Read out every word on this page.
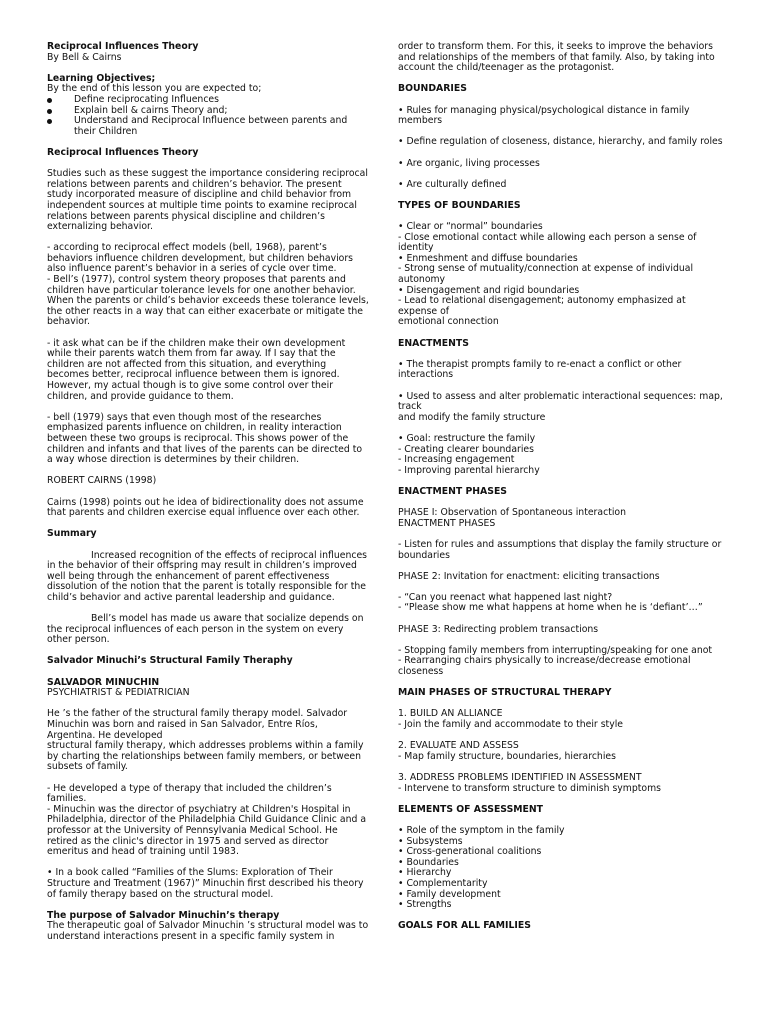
Reciprocal Influences Theory
By Bell & Cairns
Learning Objectives;
By the end of this lesson you are expected to;
Define reciprocating Influences
Explain bell & cairns Theory and;
Understand and Reciprocal Influence between parents and their Children
Reciprocal Influences Theory
Studies such as these suggest the importance considering reciprocal relations between parents and children’s behavior. The present study incorporated measure of discipline and child behavior from independent sources at multiple time points to examine reciprocal relations between parents physical discipline and children’s externalizing behavior.
- according to reciprocal effect models (bell, 1968), parent’s behaviors influence children development, but children behaviors also influence parent’s behavior in a series of cycle over time.
- Bell’s (1977), control system theory proposes that parents and children have particular tolerance levels for one another behavior. When the parents or child’s behavior exceeds these tolerance levels, the other reacts in a way that can either exacerbate or mitigate the behavior.
- it ask what can be if the children make their own development while their parents watch them from far away. If I say that the children are not affected from this situation, and everything becomes better, reciprocal influence between them is ignored. However, my actual though is to give some control over their children, and provide guidance to them.
- bell (1979) says that even though most of the researches emphasized parents influence on children, in reality interaction between these two groups is reciprocal. This shows power of the children and infants and that lives of the parents can be directed to a way whose direction is determines by their children.
ROBERT CAIRNS (1998)
Cairns (1998) points out he idea of bidirectionality does not assume that parents and children exercise equal influence over each other.
Summary
Increased recognition of the effects of reciprocal influences in the behavior of their offspring may result in children’s improved well being through the enhancement of parent effectiveness dissolution of the notion that the parent is totally responsible for the child’s behavior and active parental leadership and guidance.
Bell’s model has made us aware that socialize depends on the reciprocal influences of each person in the system on every other person.
Salvador Minuchi’s Structural Family Theraphy
SALVADOR MINUCHIN
PSYCHIATRIST & PEDIATRICIAN
He ’s the father of the structural family therapy model. Salvador Minuchin was born and raised in San Salvador, Entre Ríos, Argentina. He developed
structural family therapy, which addresses problems within a family by charting the relationships between family members, or between subsets of family.
- He developed a type of therapy that included the children’s families.
- Minuchin was the director of psychiatry at Children's Hospital in Philadelphia, director of the Philadelphia Child Guidance Clinic and a professor at the University of Pennsylvania Medical School. He retired as the clinic's director in 1975 and served as director emeritus and head of training until 1983.
• In a book called “Families of the Slums: Exploration of Their Structure and Treatment (1967)” Minuchin first described his theory of family therapy based on the structural model.
The purpose of Salvador Minuchin’s therapy
The therapeutic goal of Salvador Minuchin ’s structural model was to understand interactions present in a specific family system in
order to transform them. For this, it seeks to improve the behaviors and relationships of the members of that family. Also, by taking into account the child/teenager as the protagonist.
BOUNDARIES
• Rules for managing physical/psychological distance in family members
• Define regulation of closeness, distance, hierarchy, and family roles
• Are organic, living processes
• Are culturally defined
TYPES OF BOUNDARIES
• Clear or “normal” boundaries
- Close emotional contact while allowing each person a sense of identity
• Enmeshment and diffuse boundaries
- Strong sense of mutuality/connection at expense of individual autonomy
• Disengagement and rigid boundaries
- Lead to relational disengagement; autonomy emphasized at expense of
emotional connection
ENACTMENTS
• The therapist prompts family to re-enact a conflict or other interactions
• Used to assess and alter problematic interactional sequences: map, track
and modify the family structure
• Goal: restructure the family
- Creating clearer boundaries
- Increasing engagement
- Improving parental hierarchy
ENACTMENT PHASES
PHASE I: Observation of Spontaneous interaction
ENACTMENT PHASES
- Listen for rules and assumptions that display the family structure or boundaries
PHASE 2: Invitation for enactment: eliciting transactions
- “Can you reenact what happened last night?
- “Please show me what happens at home when he is ‘defiant’…”
PHASE 3: Redirecting problem transactions
- Stopping family members from interrupting/speaking for one anot
- Rearranging chairs physically to increase/decrease emotional closeness
MAIN PHASES OF STRUCTURAL THERAPY
1. BUILD AN ALLIANCE
- Join the family and accommodate to their style
2. EVALUATE AND ASSESS
- Map family structure, boundaries, hierarchies
3. ADDRESS PROBLEMS IDENTIFIED IN ASSESSMENT
- Intervene to transform structure to diminish symptoms
ELEMENTS OF ASSESSMENT
• Role of the symptom in the family
• Subsystems
• Cross-generational coalitions
• Boundaries
• Hierarchy
• Complementarity
• Family development
• Strengths
GOALS FOR ALL FAMILIES
